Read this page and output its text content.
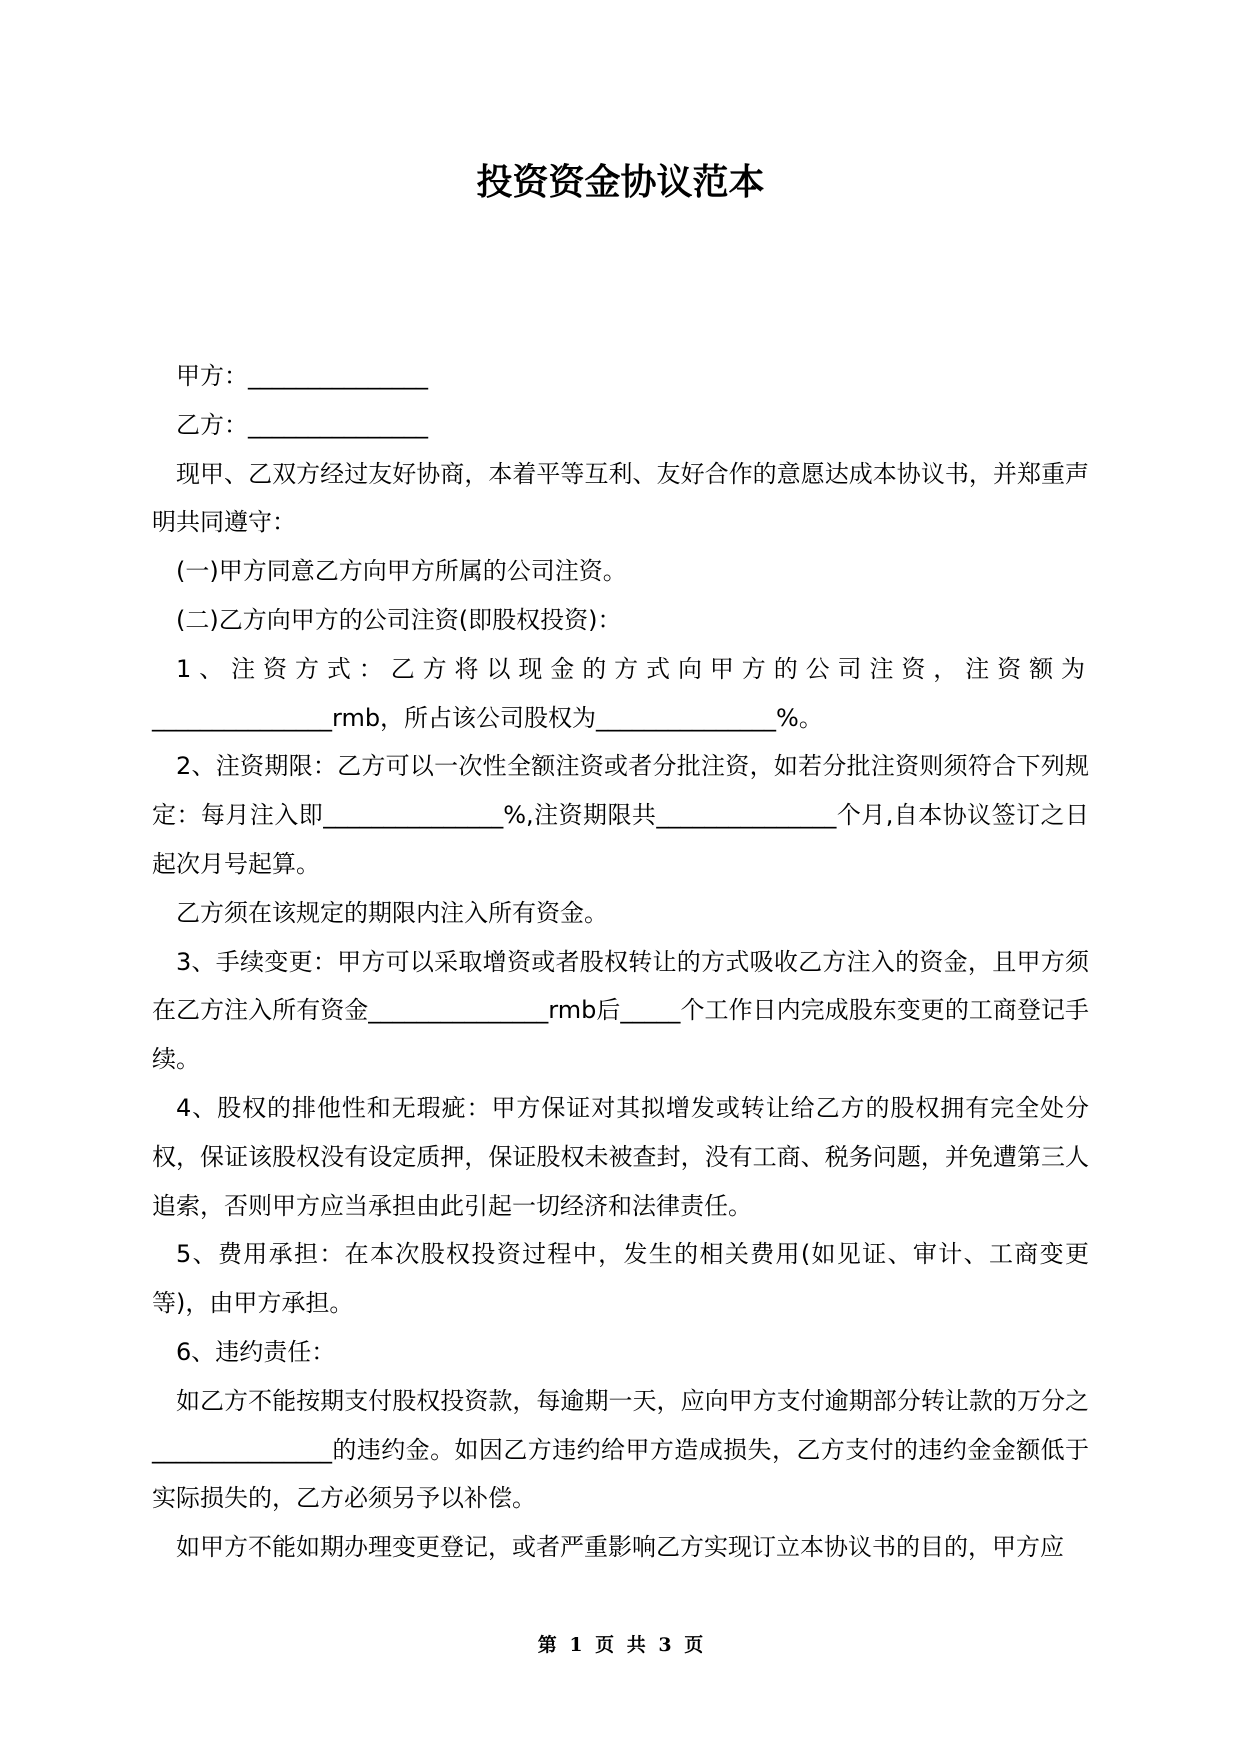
投资资金协议范本

甲方：_______________

乙方：_______________

现甲、乙双方经过友好协商，本着平等互利、友好合作的意愿达成本协议书，并郑重声明共同遵守：

(一)甲方同意乙方向甲方所属的公司注资。

(二)乙方向甲方的公司注资(即股权投资)：

1、注资方式：乙方将以现金的方式向甲方的公司注资，注资额为

_______________rmb，所占该公司股权为_______________%。

2、注资期限：乙方可以一次性全额注资或者分批注资，如若分批注资则须符合下列规定：每月注入即_______________%,注资期限共_______________个月,自本协议签订之日起次月号起算。

乙方须在该规定的期限内注入所有资金。

3、手续变更：甲方可以采取增资或者股权转让的方式吸收乙方注入的资金，且甲方须在乙方注入所有资金_______________rmb后_____个工作日内完成股东变更的工商登记手续。

4、股权的排他性和无瑕疵：甲方保证对其拟增发或转让给乙方的股权拥有完全处分权，保证该股权没有设定质押，保证股权未被查封，没有工商、税务问题，并免遭第三人追索，否则甲方应当承担由此引起一切经济和法律责任。

5、费用承担：在本次股权投资过程中，发生的相关费用(如见证、审计、工商变更等)，由甲方承担。

6、违约责任：

如乙方不能按期支付股权投资款，每逾期一天，应向甲方支付逾期部分转让款的万分之_______________的违约金。如因乙方违约给甲方造成损失，乙方支付的违约金金额低于实际损失的，乙方必须另予以补偿。

如甲方不能如期办理变更登记，或者严重影响乙方实现订立本协议书的目的，甲方应

第 1 页 共 3 页
